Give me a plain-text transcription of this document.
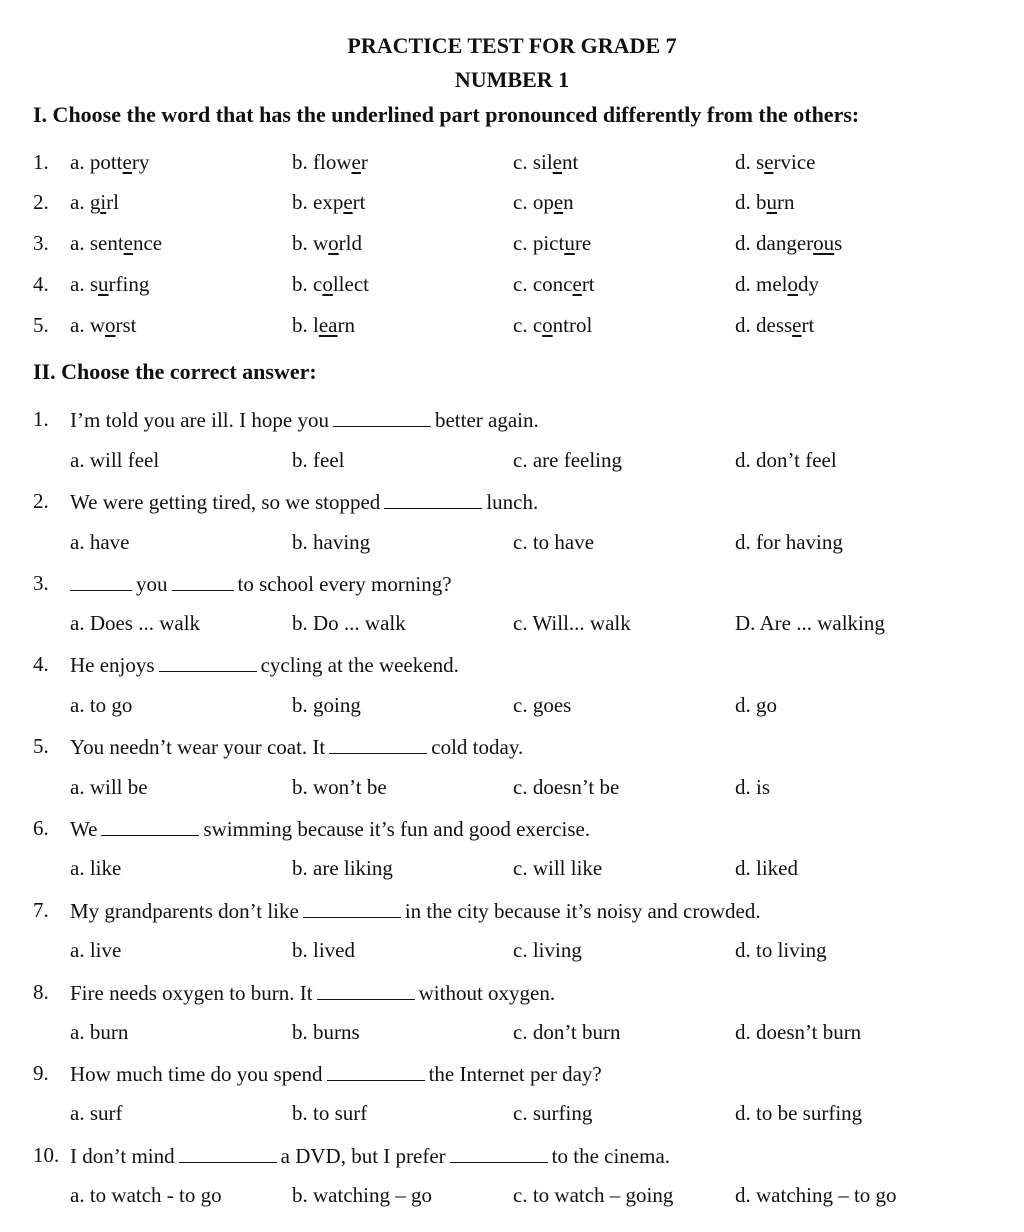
PRACTICE TEST FOR GRADE 7
NUMBER 1
I. Choose the word that has the underlined part pronounced differently from the others:
1. a. pottery	b. flower	c. silent	d. service
2. a. girl	b. expert	c. open	d. burn
3. a. sentence	b. world	c. picture	d. dangerous
4. a. surfing	b. collect	c. concert	d. melody
5. a. worst	b. learn	c. control	d. dessert
II. Choose the correct answer:
1. I’m told you are ill. I hope you	better again.
a. will feel	b. feel	c. are feeling	d. don’t feel
2. We were getting tired, so we stopped	lunch.
a. have	b. having	c. to have	d. for having
3.	you	to school every morning?
a. Does ... walk	b. Do ... walk	c. Will... walk	D. Are ... walking
4. He enjoys	cycling at the weekend.
a. to go	b. going	c. goes	d. go
5. You needn’t wear your coat. It	cold today.
a. will be	b. won’t be	c. doesn’t be	d. is
6. We	swimming because it’s fun and good exercise.
a. like	b. are liking	c. will like	d. liked
7. My grandparents don’t like	in the city because it’s noisy and crowded.
a. live	b. lived	c. living	d. to living
8. Fire needs oxygen to burn. It	without oxygen.
a. burn	b. burns	c. don’t burn	d. doesn’t burn
9. How much time do you spend	the Internet per day?
a. surf	b. to surf	c. surfing	d. to be surfing
10. I don’t mind	a DVD, but I prefer	to the cinema.
a. to watch - to go	b. watching – go	c. to watch – going	d. watching – to go
